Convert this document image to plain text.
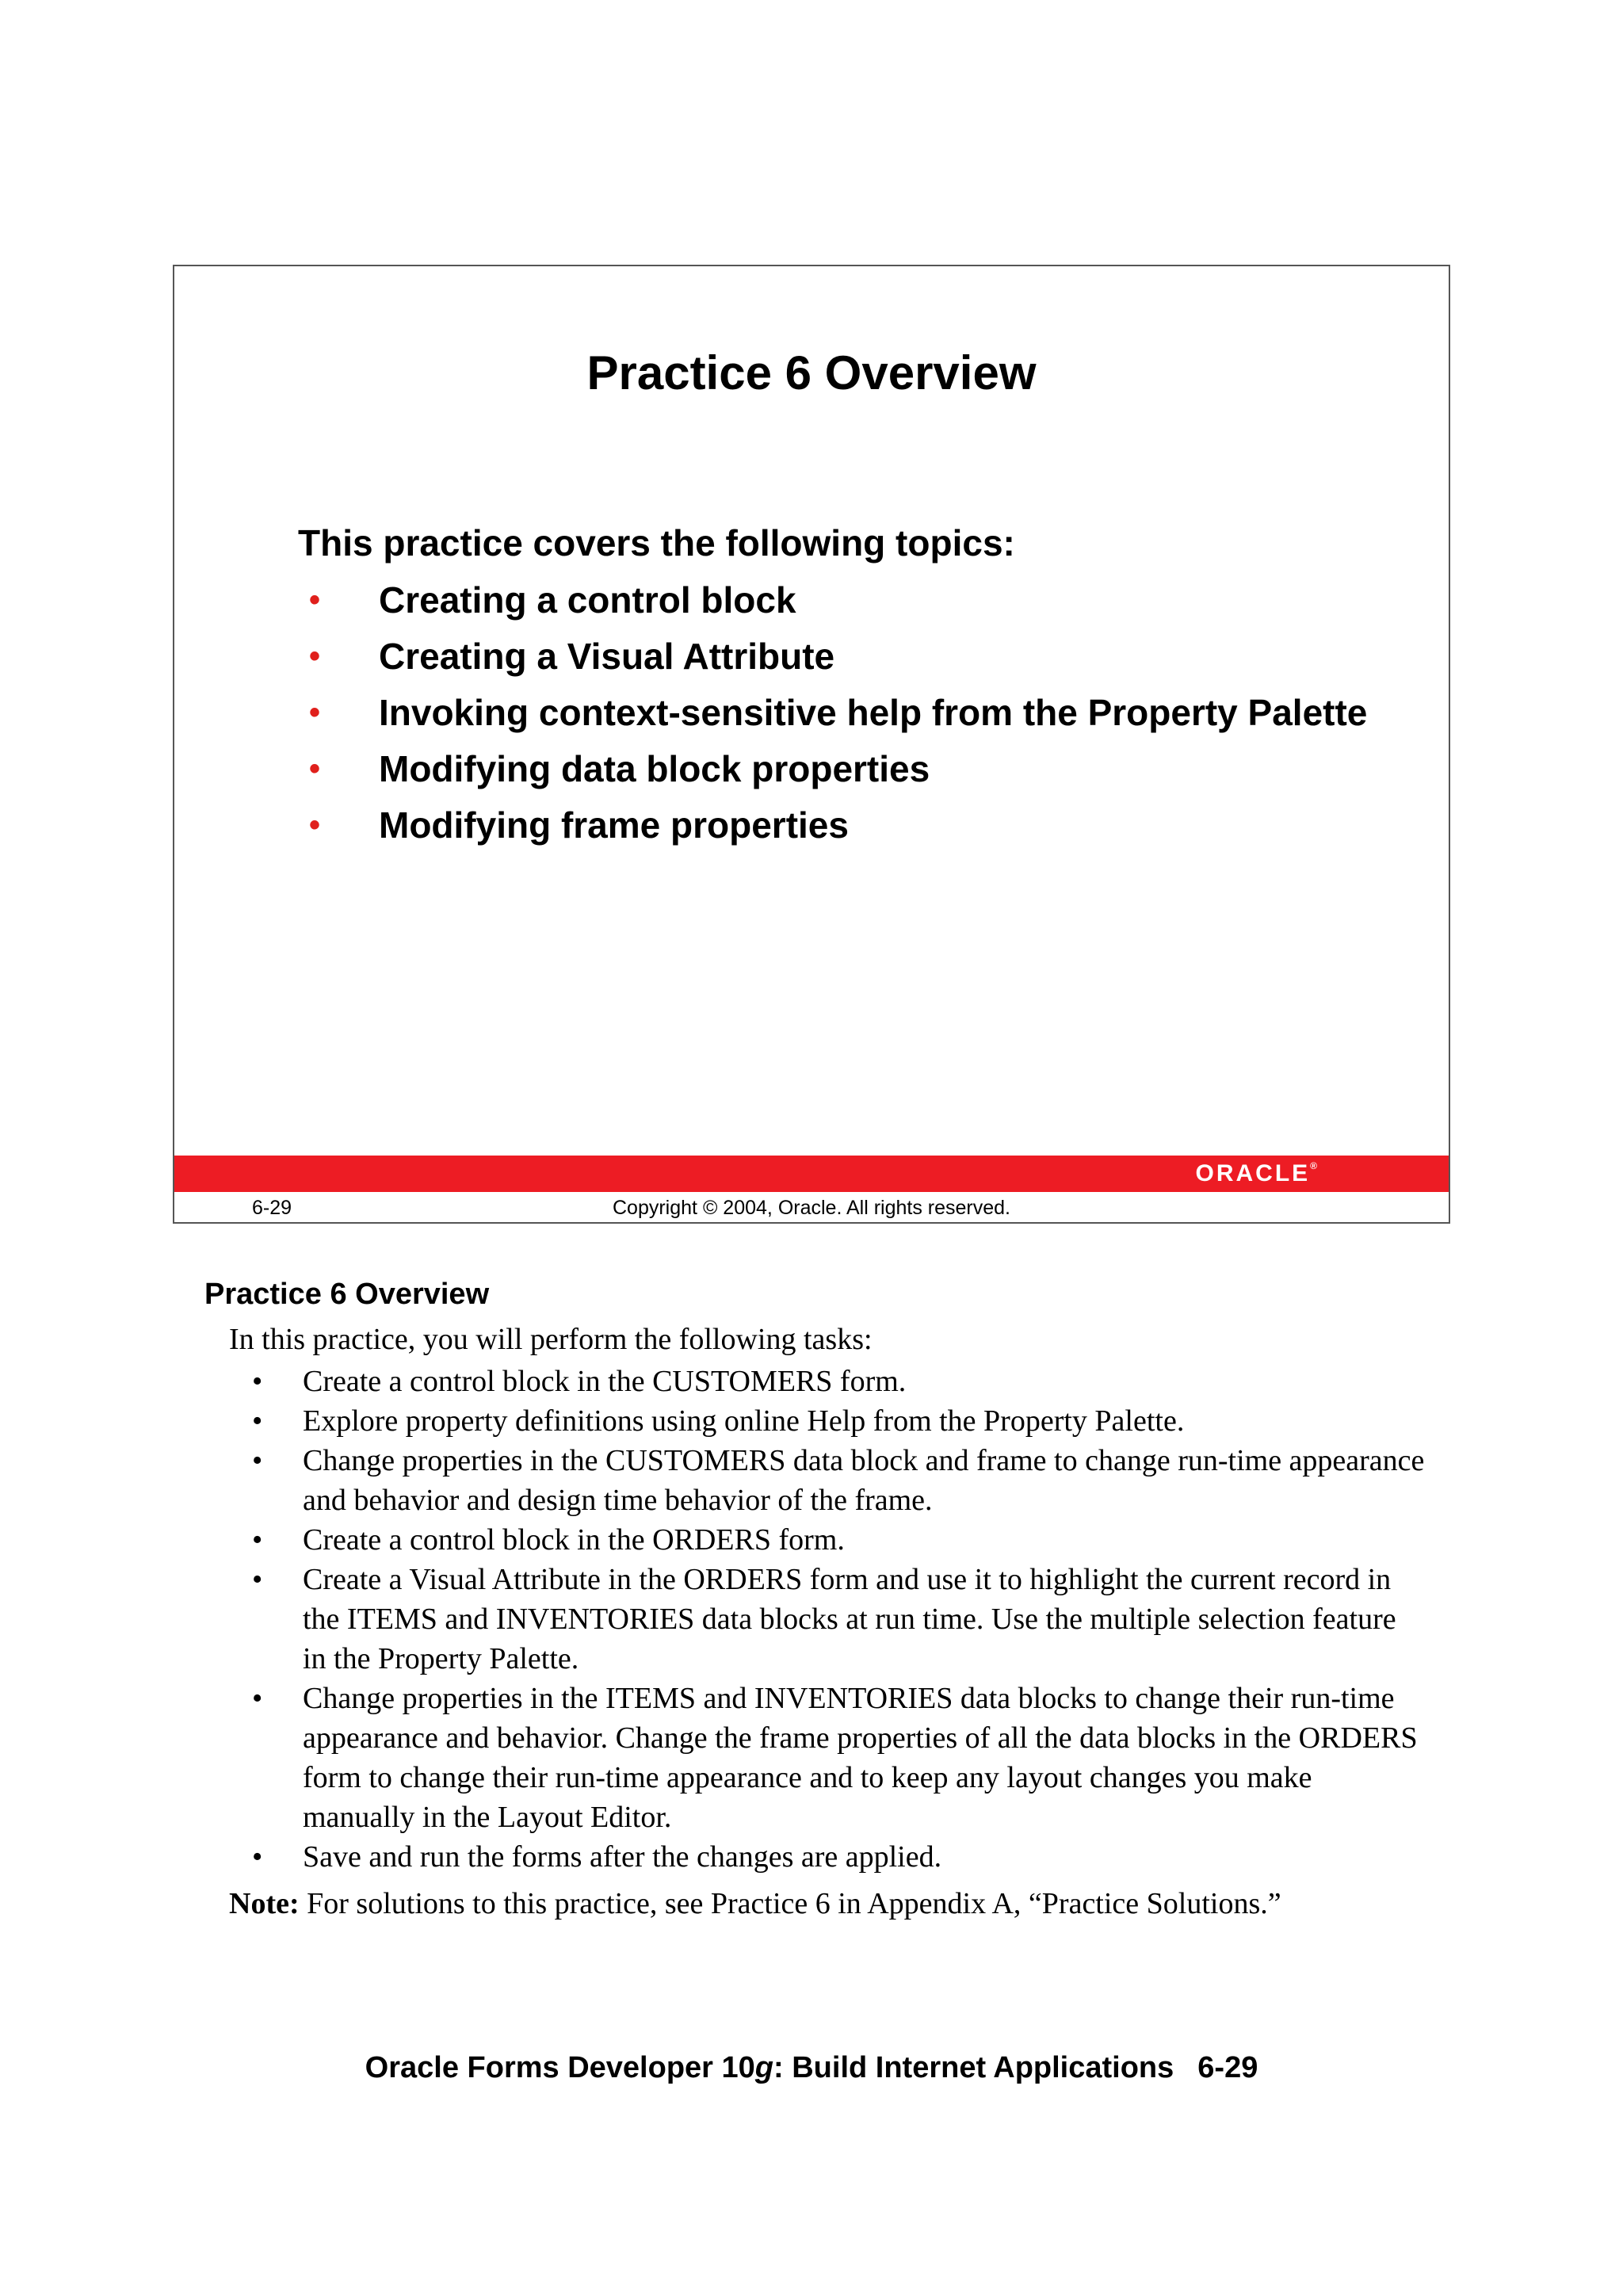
Practice 6 Overview
This practice covers the following topics:
• Creating a control block
• Creating a Visual Attribute
• Invoking context-sensitive help from the Property Palette
• Modifying data block properties
• Modifying frame properties
ORACLE®
6-29	Copyright © 2004, Oracle. All rights reserved.
Practice 6 Overview
In this practice, you will perform the following tasks:
• Create a control block in the CUSTOMERS form.
• Explore property definitions using online Help from the Property Palette.
• Change properties in the CUSTOMERS data block and frame to change run-time appearance and behavior and design time behavior of the frame.
• Create a control block in the ORDERS form.
• Create a Visual Attribute in the ORDERS form and use it to highlight the current record in the ITEMS and INVENTORIES data blocks at run time. Use the multiple selection feature in the Property Palette.
• Change properties in the ITEMS and INVENTORIES data blocks to change their run-time appearance and behavior. Change the frame properties of all the data blocks in the ORDERS form to change their run-time appearance and to keep any layout changes you make manually in the Layout Editor.
• Save and run the forms after the changes are applied.
Note: For solutions to this practice, see Practice 6 in Appendix A, “Practice Solutions.”
Oracle Forms Developer 10g: Build Internet Applications 6-29
